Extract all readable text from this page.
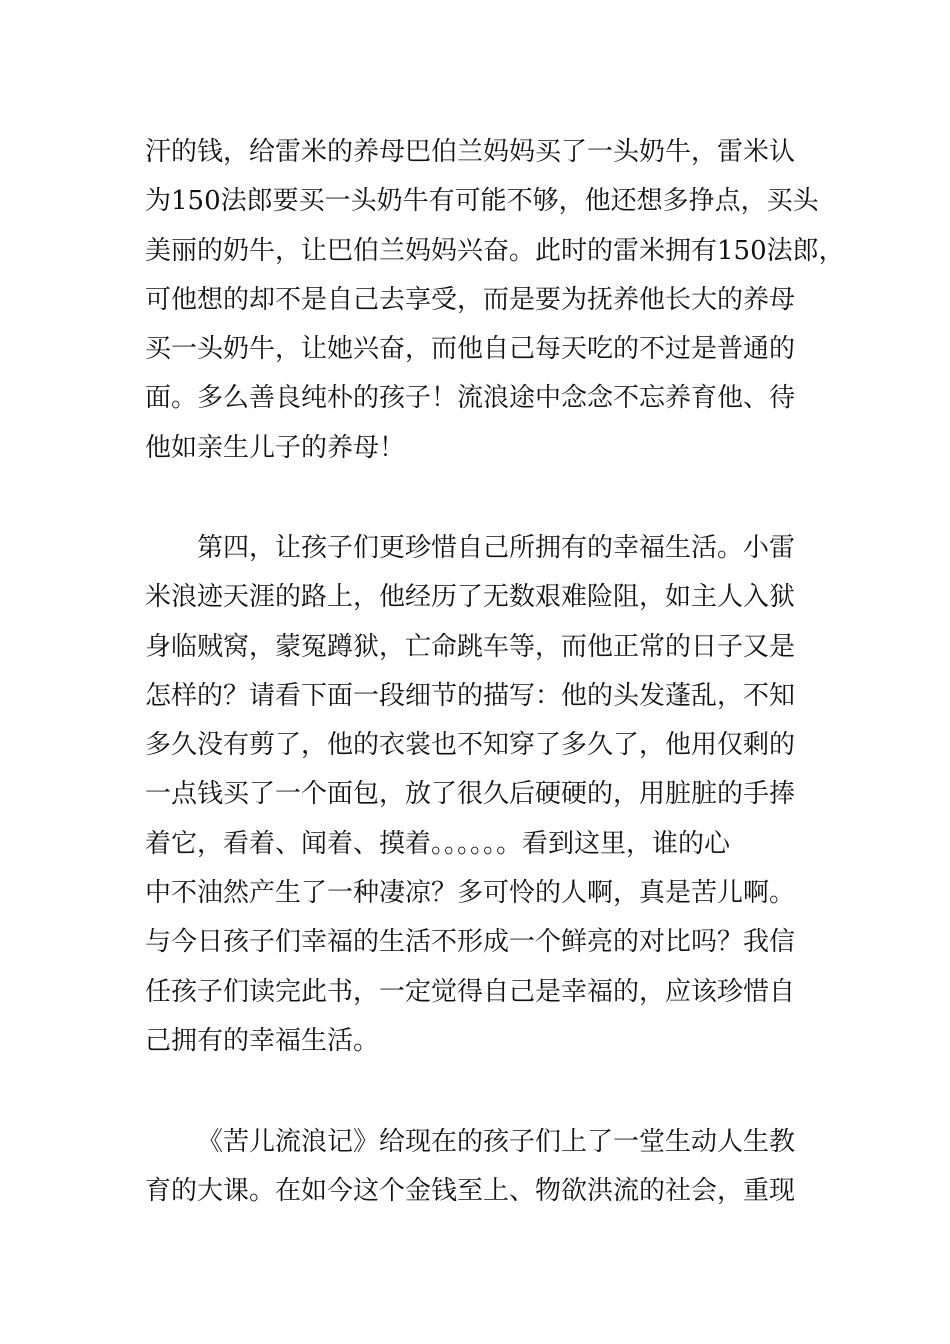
汗的钱，给雷米的养母巴伯兰妈妈买了一头奶牛，雷米认
为150法郎要买一头奶牛有可能不够，他还想多挣点，买头
美丽的奶牛，让巴伯兰妈妈兴奋。此时的雷米拥有150法郎，
可他想的却不是自己去享受，而是要为抚养他长大的养母
买一头奶牛，让她兴奋，而他自己每天吃的不过是普通的
面。多么善良纯朴的孩子！流浪途中念念不忘养育他、待
他如亲生儿子的养母！
第四，让孩子们更珍惜自己所拥有的幸福生活。小雷
米浪迹天涯的路上，他经历了无数艰难险阻，如主人入狱
身临贼窝，蒙冤蹲狱，亡命跳车等，而他正常的日子又是
怎样的？请看下面一段细节的描写：他的头发蓬乱，不知
多久没有剪了，他的衣裳也不知穿了多久了，他用仅剩的
一点钱买了一个面包，放了很久后硬硬的，用脏脏的手捧
着它，看着、闻着、摸着。。。。。。看到这里，谁的心
中不油然产生了一种凄凉？多可怜的人啊，真是苦儿啊。
与今日孩子们幸福的生活不形成一个鲜亮的对比吗？我信
任孩子们读完此书，一定觉得自己是幸福的，应该珍惜自
己拥有的幸福生活。
《苦儿流浪记》给现在的孩子们上了一堂生动人生教
育的大课。在如今这个金钱至上、物欲洪流的社会，重现
